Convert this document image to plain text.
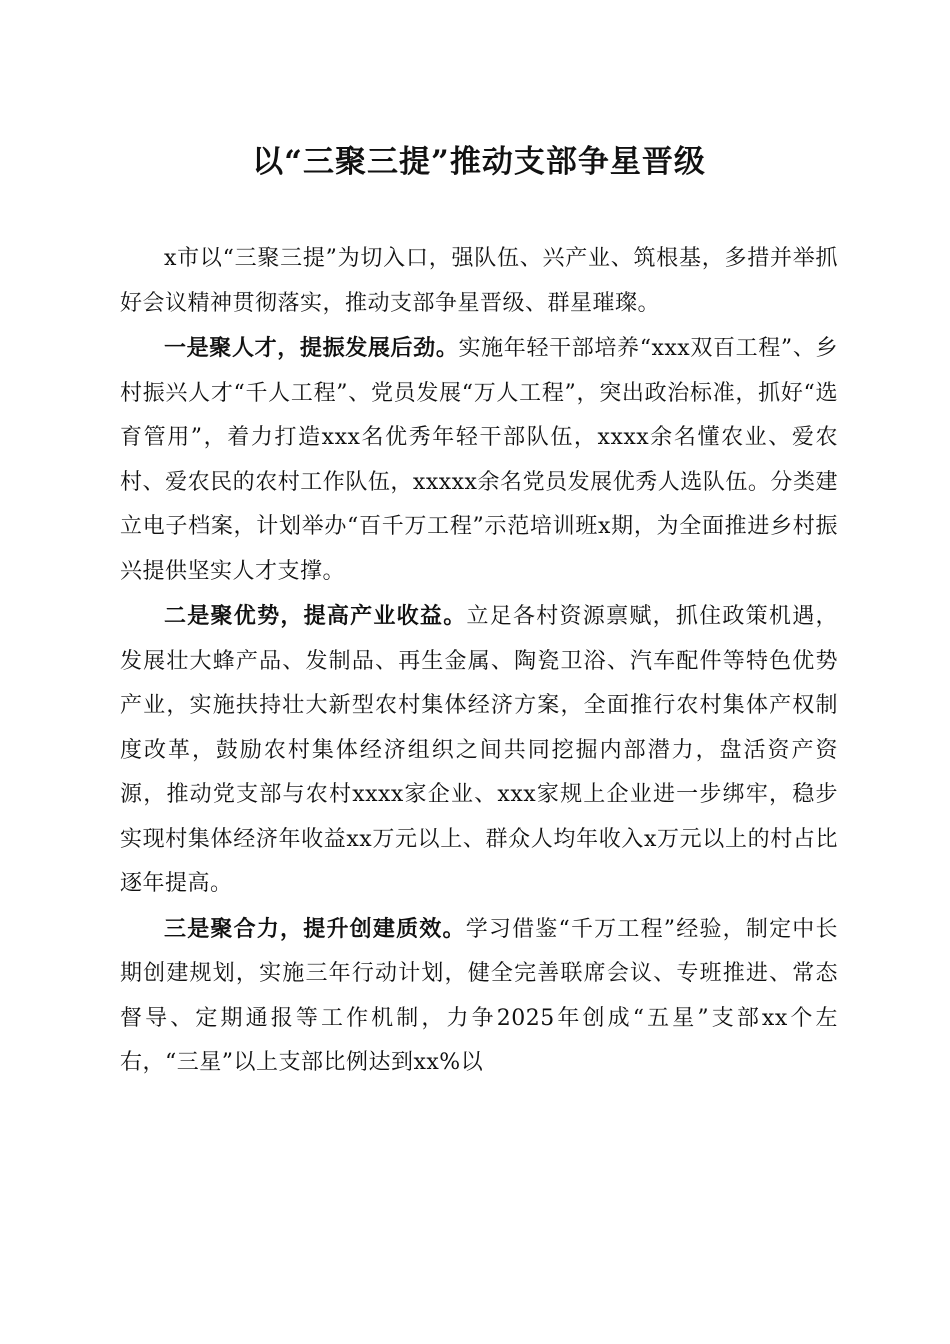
以“三聚三提”推动支部争星晋级

x市以“三聚三提”为切入口，强队伍、兴产业、筑根基，多措并举抓好会议精神贯彻落实，推动支部争星晋级、群星璀璨。

一是聚人才，提振发展后劲。实施年轻干部培养“xxx双百工程”、乡村振兴人才“千人工程”、党员发展“万人工程”，突出政治标准，抓好“选育管用”，着力打造xxx名优秀年轻干部队伍，xxxx余名懂农业、爱农村、爱农民的农村工作队伍，xxxxx余名党员发展优秀人选队伍。分类建立电子档案，计划举办“百千万工程”示范培训班x期，为全面推进乡村振兴提供坚实人才支撑。

二是聚优势，提高产业收益。立足各村资源禀赋，抓住政策机遇，发展壮大蜂产品、发制品、再生金属、陶瓷卫浴、汽车配件等特色优势产业，实施扶持壮大新型农村集体经济方案，全面推行农村集体产权制度改革，鼓励农村集体经济组织之间共同挖掘内部潜力，盘活资产资源，推动党支部与农村xxxx家企业、xxx家规上企业进一步绑牢，稳步实现村集体经济年收益xx万元以上、群众人均年收入x万元以上的村占比逐年提高。

三是聚合力，提升创建质效。学习借鉴“千万工程”经验，制定中长期创建规划，实施三年行动计划，健全完善联席会议、专班推进、常态督导、定期通报等工作机制，力争2025年创成“五星”支部xx个左右，“三星”以上支部比例达到xx%以
